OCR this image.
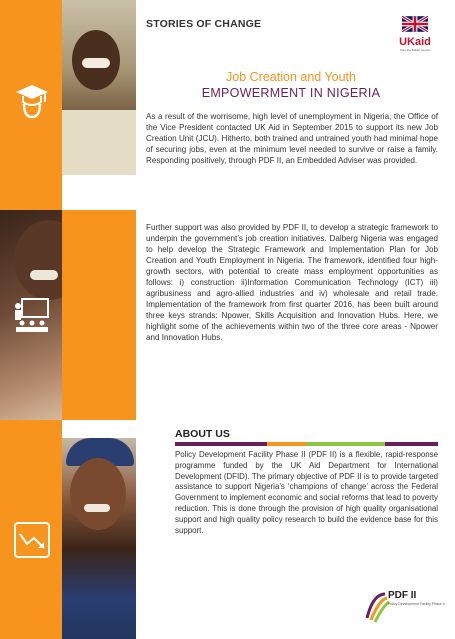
STORIES OF CHANGE
UKaid
from the British people
Job Creation and Youth
EMPOWERMENT IN NIGERIA

As a result of the worrisome, high level of unemployment in Nigeria, the Office of the Vice President contacted UK Aid in September 2015 to support its new Job Creation Unit (JCU). Hitherto, both trained and untrained youth had minimal hope of securing jobs, even at the minimum level needed to survive or raise a family. Responding positively, through PDF II, an Embedded Adviser was provided.

Further support was also provided by PDF II, to develop a strategic framework to underpin the government’s job creation initiatives. Dalberg Nigeria was engaged to help develop the Strategic Framework and Implementation Plan for Job Creation and Youth Employment in Nigeria. The framework, identified four high-growth sectors, with potential to create mass employment opportunities as follows: i) construction ii)Information Communication Technology (ICT) iii) agribusiness and agro-allied industries and iv) wholesale and retail trade. Implementation of the framework from first quarter 2016, has been built around three keys strands: Npower, Skills Acquisition and Innovation Hubs. Here, we highlight some of the achievements within two of the three core areas - Npower and Innovation Hubs.

ABOUT US

Policy Development Facility Phase II (PDF II) is a flexible, rapid-response programme funded by the UK Aid Department for International Development (DFID). The primary objective of PDF II is to provide targeted assistance to support Nigeria’s ‘champions of change’ across the Federal Government to implement economic and social reforms that lead to poverty reduction. This is done through the provision of high quality organisational support and high quality policy research to build the evidence base for this support.

PDF II
Policy Development Facility Phase II
